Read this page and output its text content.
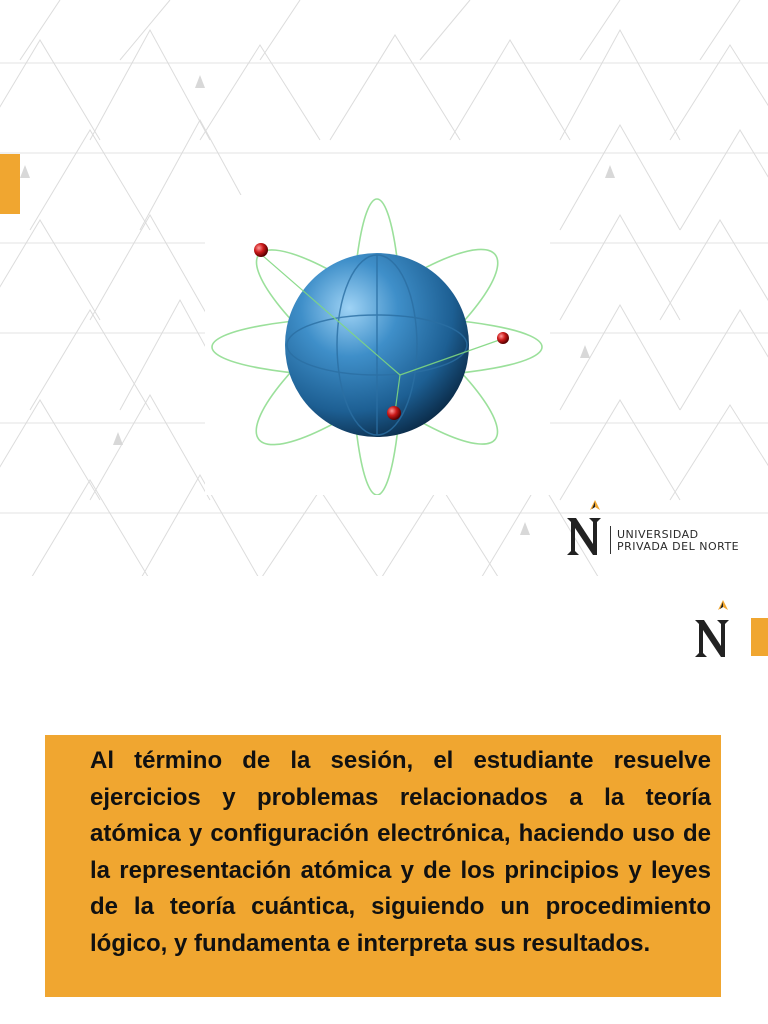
UNIVERSIDAD
PRIVADA DEL NORTE

Al término de la sesión, el estudiante resuelve ejercicios y problemas relacionados a la teoría atómica y configuración electrónica, haciendo uso de la representación atómica y de los principios y leyes de la teoría cuántica, siguiendo un procedimiento lógico, y fundamenta e interpreta sus resultados.
